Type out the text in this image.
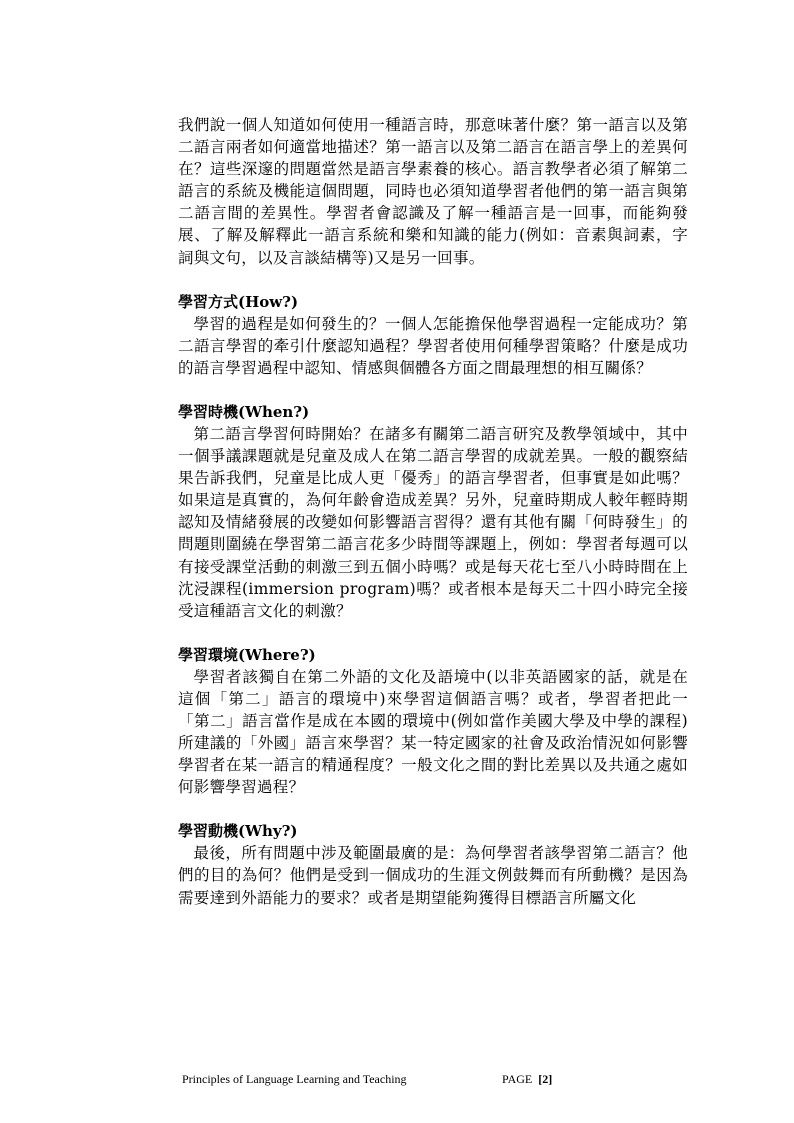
我們說一個人知道如何使用一種語言時，那意味著什麼？第一語言以及第二語言兩者如何適當地描述？第一語言以及第二語言在語言學上的差異何在？這些深邃的問題當然是語言學素養的核心。語言教學者必須了解第二語言的系統及機能這個問題，同時也必須知道學習者他們的第一語言與第二語言間的差異性。學習者會認識及了解一種語言是一回事，而能夠發展、了解及解釋此一語言系統和樂和知識的能力(例如：音素與詞素，字詞與文句，以及言談結構等)又是另一回事。

學習方式(How?)

學習的過程是如何發生的？一個人怎能擔保他學習過程一定能成功？第二語言學習的牽引什麼認知過程？學習者使用何種學習策略？什麼是成功的語言學習過程中認知、情感與個體各方面之間最理想的相互關係？

學習時機(When?)

第二語言學習何時開始？在諸多有關第二語言研究及教學領域中，其中一個爭議課題就是兒童及成人在第二語言學習的成就差異。一般的觀察結果告訴我們，兒童是比成人更「優秀」的語言學習者，但事實是如此嗎？如果這是真實的，為何年齡會造成差異？另外，兒童時期成人較年輕時期認知及情緒發展的改變如何影響語言習得？還有其他有關「何時發生」的問題則圍繞在學習第二語言花多少時間等課題上，例如：學習者每週可以有接受課堂活動的刺激三到五個小時嗎？或是每天花七至八小時時間在上沈浸課程(immersion program)嗎？或者根本是每天二十四小時完全接受這種語言文化的刺激？

學習環境(Where?)

學習者該獨自在第二外語的文化及語境中(以非英語國家的話，就是在這個「第二」語言的環境中)來學習這個語言嗎？或者，學習者把此一「第二」語言當作是成在本國的環境中(例如當作美國大學及中學的課程)所建議的「外國」語言來學習？某一特定國家的社會及政治情況如何影響學習者在某一語言的精通程度？一般文化之間的對比差異以及共通之處如何影響學習過程？

學習動機(Why?)

最後，所有問題中涉及範圍最廣的是：為何學習者該學習第二語言？他們的目的為何？他們是受到一個成功的生涯文例鼓舞而有所動機？是因為需要達到外語能力的要求？或者是期望能夠獲得目標語言所屬文化

Principles of Language Learning and Teaching	PAGE [2]
